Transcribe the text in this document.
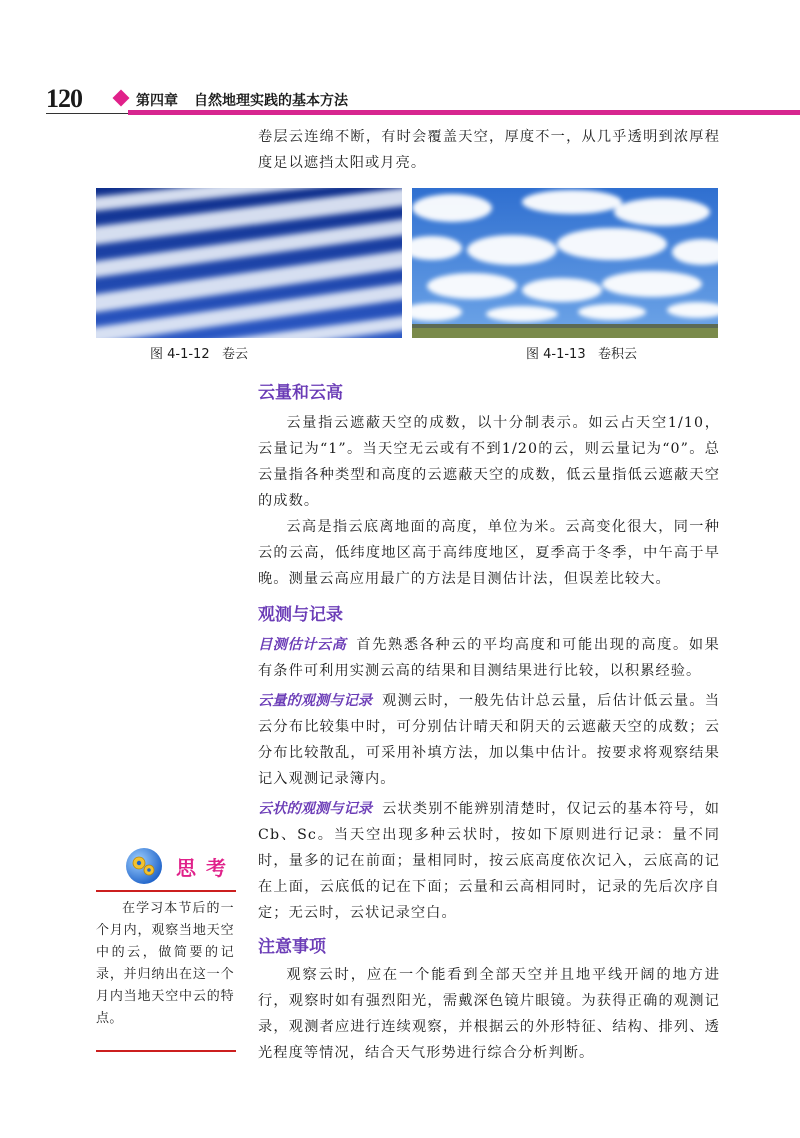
120	第四章 自然地理实践的基本方法

卷层云连绵不断，有时会覆盖天空，厚度不一，从几乎透明到浓厚程度足以遮挡太阳或月亮。

图 4-1-12 卷云	图 4-1-13 卷积云
云量和云高

云量指云遮蔽天空的成数，以十分制表示。如云占天空1/10，云量记为“1”。当天空无云或有不到1/20的云，则云量记为“0”。总云量指各种类型和高度的云遮蔽天空的成数，低云量指低云遮蔽天空的成数。

云高是指云底离地面的高度，单位为米。云高变化很大，同一种云的云高，低纬度地区高于高纬度地区，夏季高于冬季，中午高于早晚。测量云高应用最广的方法是目测估计法，但误差比较大。

观测与记录

目测估计云高 首先熟悉各种云的平均高度和可能出现的高度。如果有条件可利用实测云高的结果和目测结果进行比较，以积累经验。

云量的观测与记录 观测云时，一般先估计总云量，后估计低云量。当云分布比较集中时，可分别估计晴天和阴天的云遮蔽天空的成数；云分布比较散乱，可采用补填方法，加以集中估计。按要求将观察结果记入观测记录簿内。

云状的观测与记录 云状类别不能辨别清楚时，仅记云的基本符号，如Cb、Sc。当天空出现多种云状时，按如下原则进行记录：量不同时，量多的记在前面；量相同时，按云底高度依次记入，云底高的记在上面，云底低的记在下面；云量和云高相同时，记录的先后次序自定；无云时，云状记录空白。

注意事项

观察云时，应在一个能看到全部天空并且地平线开阔的地方进行，观察时如有强烈阳光，需戴深色镜片眼镜。为获得正确的观测记录，观测者应进行连续观察，并根据云的外形特征、结构、排列、透光程度等情况，结合天气形势进行综合分析判断。

思考

在学习本节后的一个月内，观察当地天空中的云，做简要的记录，并归纳出在这一个月内当地天空中云的特点。
